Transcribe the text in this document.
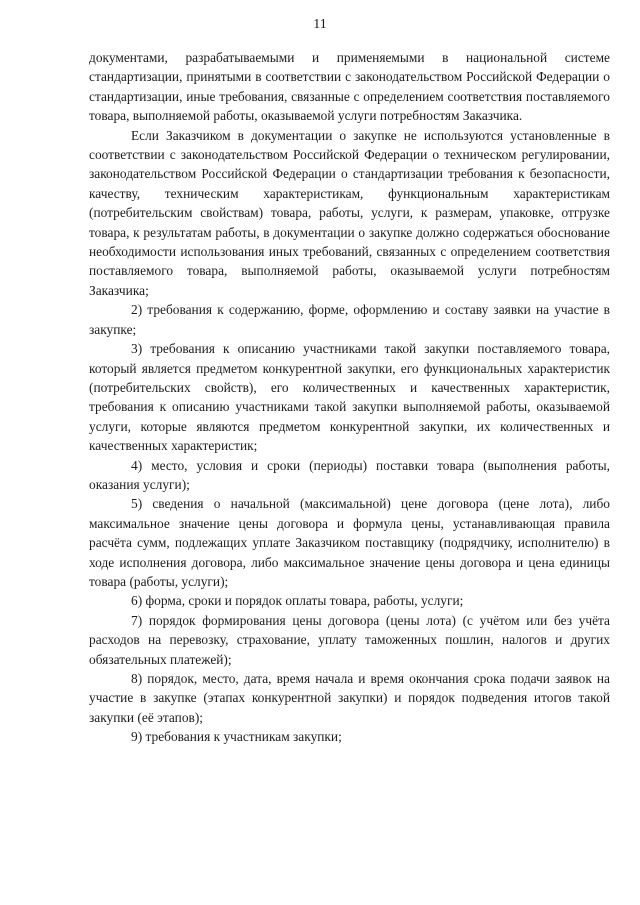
11

документами, разрабатываемыми и применяемыми в национальной системе стандартизации, принятыми в соответствии с законодательством Российской Федерации о стандартизации, иные требования, связанные с определением соответствия поставляемого товара, выполняемой работы, оказываемой услуги потребностям Заказчика.

Если Заказчиком в документации о закупке не используются установленные в соответствии с законодательством Российской Федерации о техническом регулировании, законодательством Российской Федерации о стандартизации требования к безопасности, качеству, техническим характеристикам, функциональным характеристикам (потребительским свойствам) товара, работы, услуги, к размерам, упаковке, отгрузке товара, к результатам работы, в документации о закупке должно содержаться обоснование необходимости использования иных требований, связанных с определением соответствия поставляемого товара, выполняемой работы, оказываемой услуги потребностям Заказчика;

2) требования к содержанию, форме, оформлению и составу заявки на участие в закупке;

3) требования к описанию участниками такой закупки поставляемого товара, который является предметом конкурентной закупки, его функциональных характеристик (потребительских свойств), его количественных и качественных характеристик, требования к описанию участниками такой закупки выполняемой работы, оказываемой услуги, которые являются предметом конкурентной закупки, их количественных и качественных характеристик;

4) место, условия и сроки (периоды) поставки товара (выполнения работы, оказания услуги);

5) сведения о начальной (максимальной) цене договора (цене лота), либо максимальное значение цены договора и формула цены, устанавливающая правила расчёта сумм, подлежащих уплате Заказчиком поставщику (подрядчику, исполнителю) в ходе исполнения договора, либо максимальное значение цены договора и цена единицы товара (работы, услуги);

6) форма, сроки и порядок оплаты товара, работы, услуги;

7) порядок формирования цены договора (цены лота) (с учётом или без учёта расходов на перевозку, страхование, уплату таможенных пошлин, налогов и других обязательных платежей);

8) порядок, место, дата, время начала и время окончания срока подачи заявок на участие в закупке (этапах конкурентной закупки) и порядок подведения итогов такой закупки (её этапов);

9) требования к участникам закупки;
